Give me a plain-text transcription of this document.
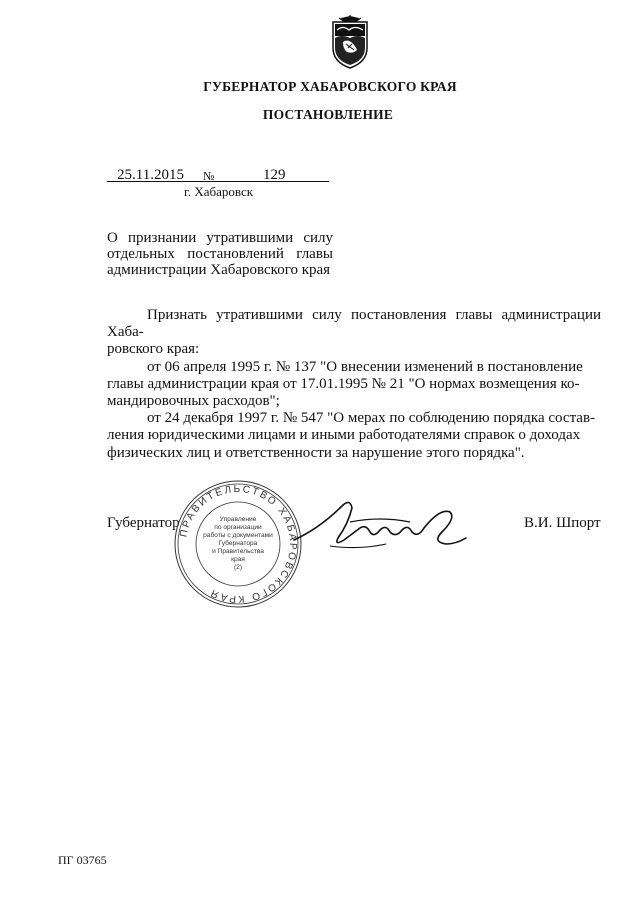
ГУБЕРНАТОР ХАБАРОВСКОГО КРАЯ
ПОСТАНОВЛЕНИЕ
25.11.2015 №	129
г. Хабаровск
О признании утратившими силу
отдельных постановлений главы
администрации Хабаровского края

Признать утратившими силу постановления главы администрации Хаба-
ровского края:

от 06 апреля 1995 г. № 137 "О внесении изменений в постановление
главы администрации края от 17.01.1995 № 21 "О нормах возмещения ко-
мандировочных расходов";

от 24 декабря 1997 г. № 547 "О мерах по соблюдению порядка состав-
ления юридическими лицами и иными работодателями справок о доходах
физических лиц и ответственности за нарушение этого порядка".

Губернатор	В.И. Шпорт
ПРАВИТЕЛЬСТВО ХАБАРОВСКОГО КРАЯ
Управление
по организации
работы с документами
Губернатора
и Правительства
края
(2)
ПГ 03765
